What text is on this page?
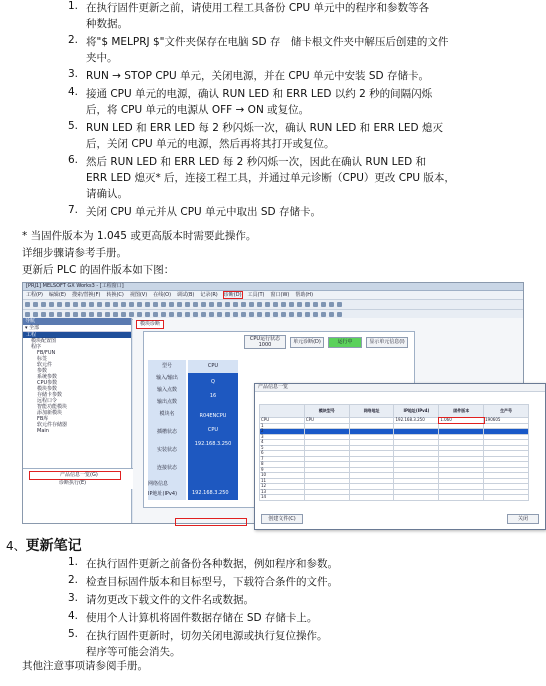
1. 在执行固件更新之前，请使用工程工具备份 CPU 单元中的程序和参数等各
种数据。
2. 将"$ MELPRJ $"文件夹保存在电脑 SD 存　储卡根文件夹中解压后创建的文件
夹中。
3. RUN → STOP CPU 单元，关闭电源，并在 CPU 单元中安装 SD 存储卡。
4. 接通 CPU 单元的电源，确认 RUN LED 和 ERR LED 以约 2 秒的间隔闪烁
后，将 CPU 单元的电源从 OFF → ON 或复位。
5. RUN LED 和 ERR LED 每 2 秒闪烁一次，确认 RUN LED 和 ERR LED 熄灭
后，关闭 CPU 单元的电源，然后再将其打开或复位。
6. 然后 RUN LED 和 ERR LED 每 2 秒闪烁一次，因此在确认 RUN LED 和
ERR LED 熄灭* 后，连接工程工具，并通过单元诊断（CPU）更改 CPU 版本，
请确认。
7. 关闭 CPU 单元并从 CPU 单元中取出 SD 存储卡。
* 当固件版本为 1.045 或更高版本时需要此操作。
详细步骤请参考手册。
更新后 PLC 的固件版本如下图：
[PRJ1] MELSOFT GX Works3 - [工程窗口]
工程(P) 编辑(E) 搜索/替换(F) 转换(C) 视图(V) 在线(O) 调试(B) 记录(R) 诊断(D) 工具(T) 窗口(W) 帮助(H)
导航
▾ 全部
工程
模块配置图
程序
FB/FUN
标签
软元件
参数
系统参数
CPU参数
模块参数
存储卡参数
远程口令
智能功能模块
添加新模块
FB库
软元件存储器
Main
模块诊断
CPU运行状态
1000	单元诊断(D)	运行中	显示单元信息(I)
型号
输入/输出
输入点数
输出点数
模块名
插槽状态
实装状态
连接状态
CPU
Q
16
R04ENCPU
CPU
192.168.3.250
网络信息
IP地址(IPv4)	192.168.3.250
产品信息一览
	模块型号	网络地址	IP地址(IPv4)	固件版本	生产号
CPU	CPU		192.168.3.250	1.060	190605
1					
2					
3					
4					
5					
6					
7					
8					
9					
10					
11					
12					
13					
14					
创建文件(C)	关闭
产品信息一览(G)
诊断执行(E)
4、更新笔记
1. 在执行固件更新之前备份各种数据，例如程序和参数。
2. 检查目标固件版本和目标型号，下载符合条件的文件。
3. 请勿更改下载文件的文件名或数据。
4. 使用个人计算机将固件数据存储在 SD 存储卡上。
5. 在执行固件更新时，切勿关闭电源或执行复位操作。
程序等可能会消失。
其他注意事项请参阅手册。
